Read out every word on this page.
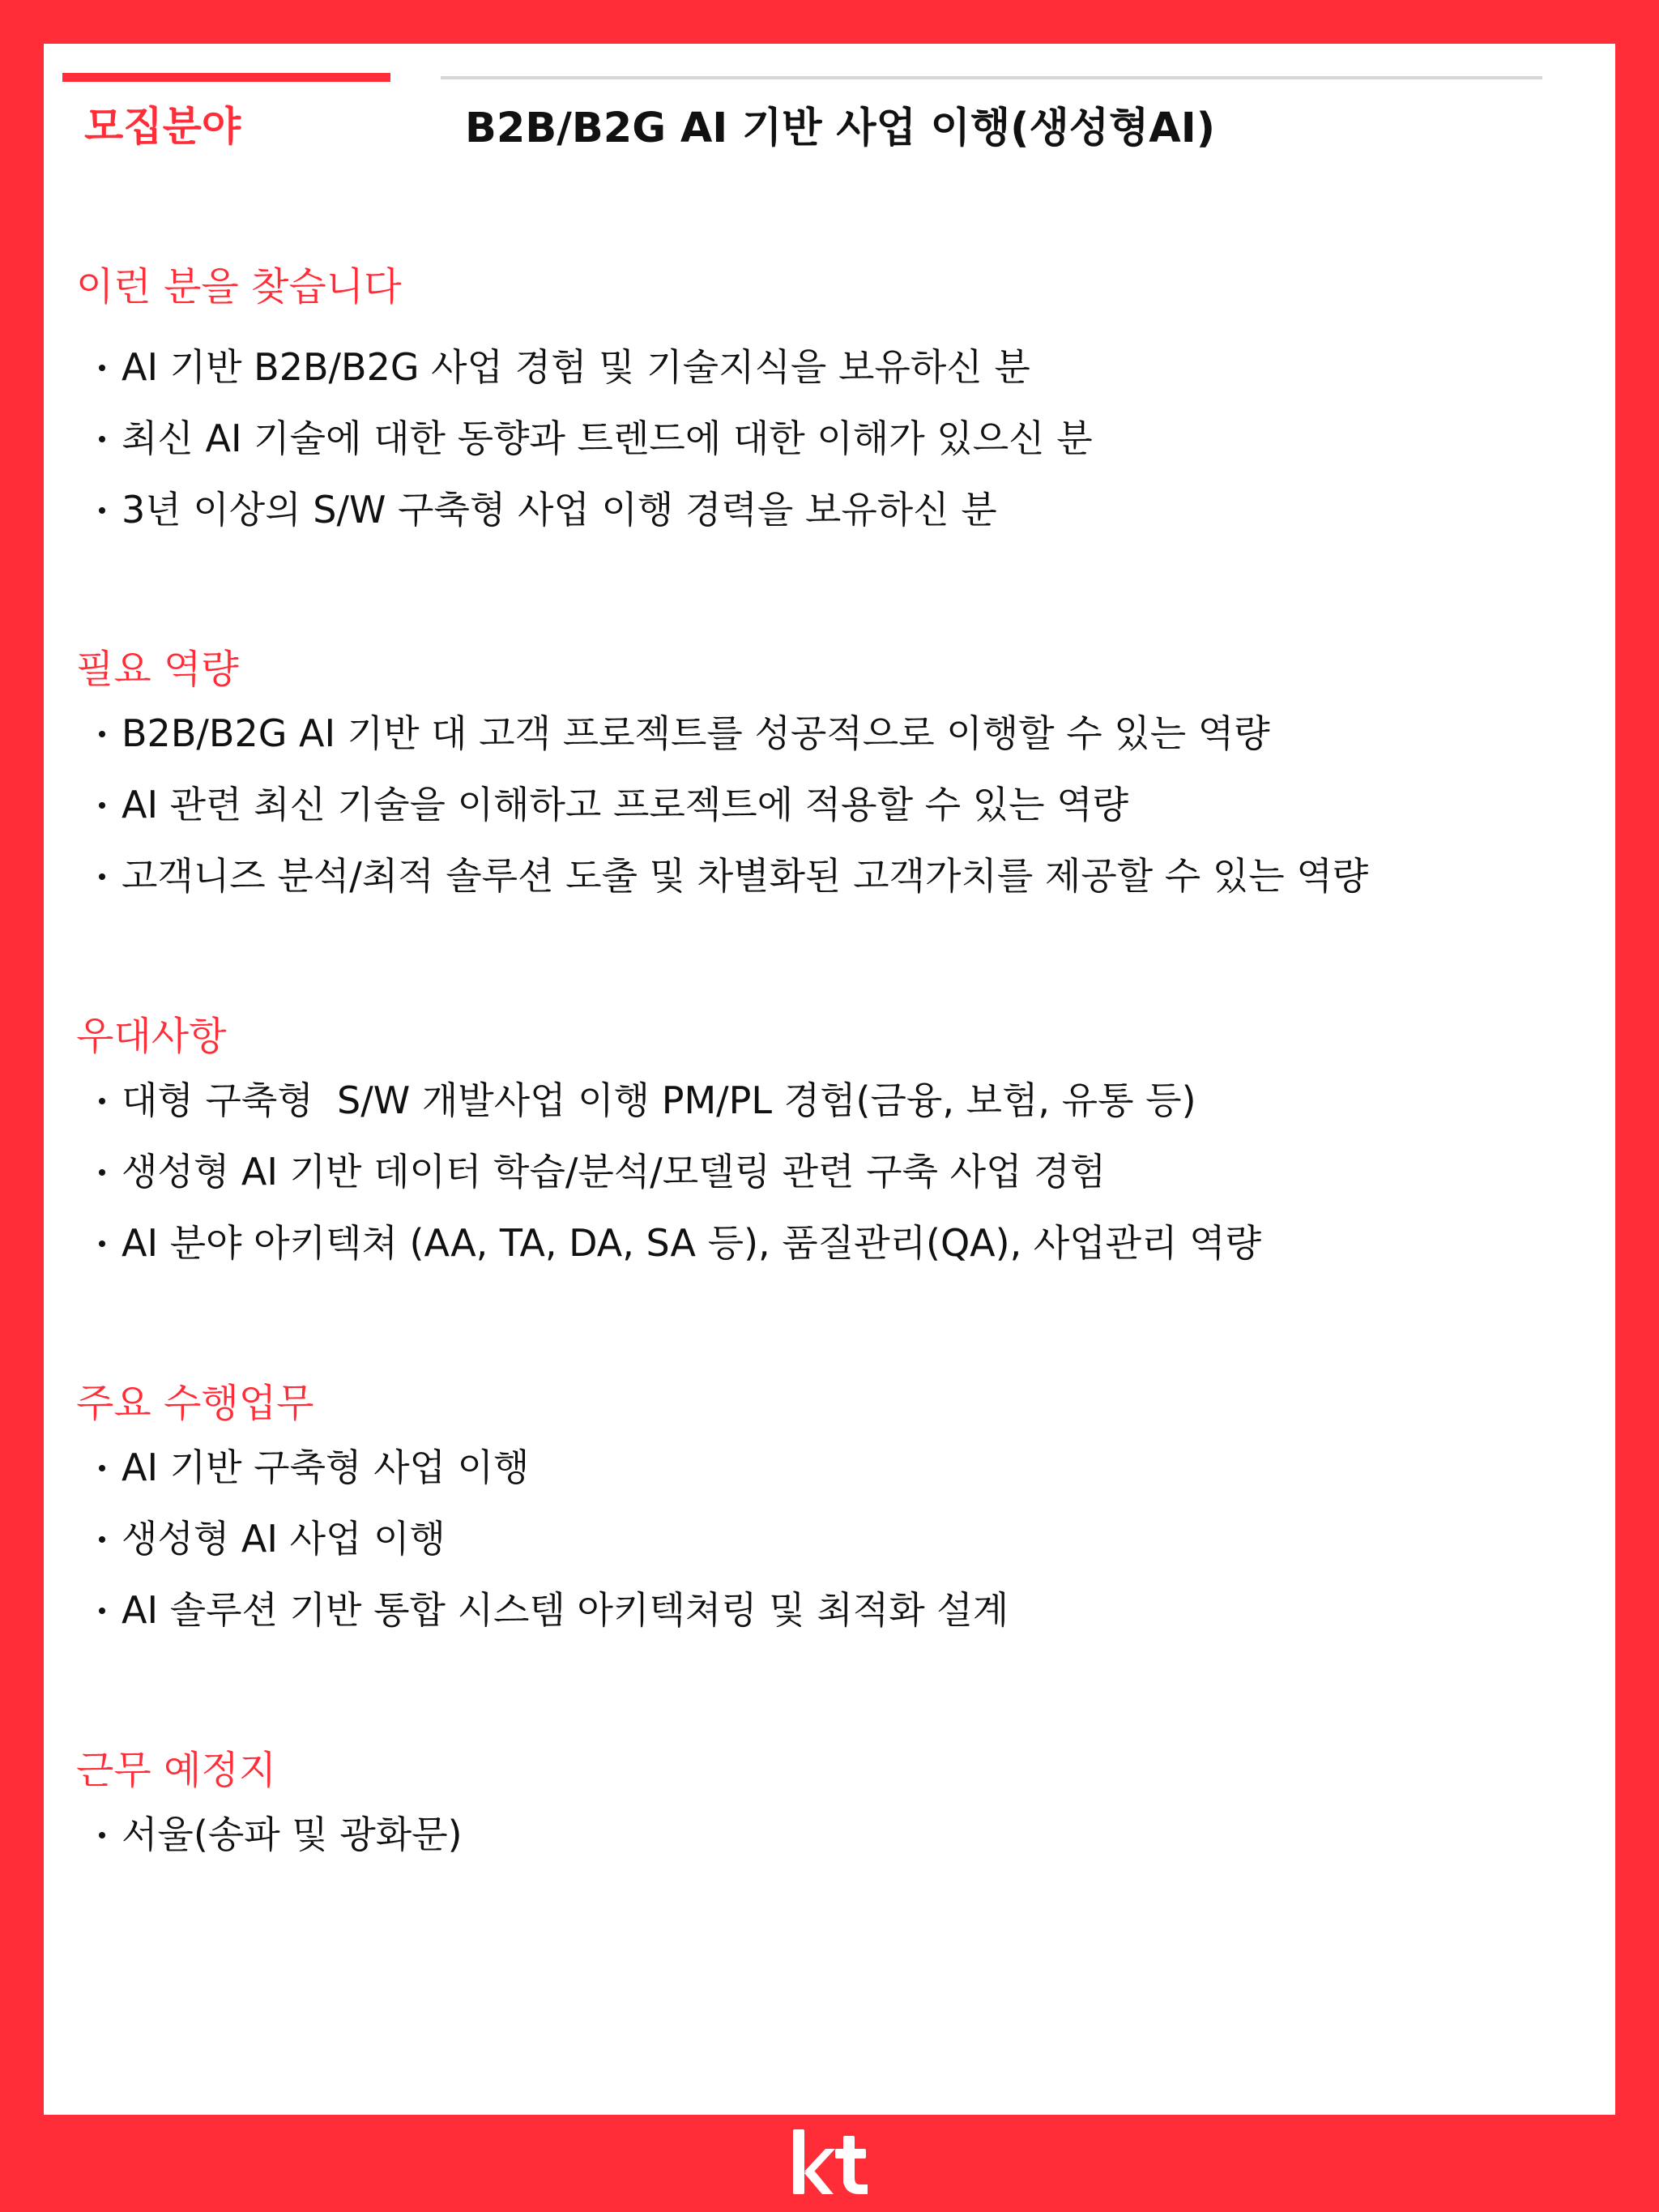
모집분야	B2B/B2G AI 기반 사업 이행(생성형AI)
이런 분을 찾습니다
AI 기반 B2B/B2G 사업 경험 및 기술지식을 보유하신 분
최신 AI 기술에 대한 동향과 트렌드에 대한 이해가 있으신 분
3년 이상의 S/W 구축형 사업 이행 경력을 보유하신 분
필요 역량
B2B/B2G AI 기반 대 고객 프로젝트를 성공적으로 이행할 수 있는 역량
AI 관련 최신 기술을 이해하고 프로젝트에 적용할 수 있는 역량
고객니즈 분석/최적 솔루션 도출 및 차별화된 고객가치를 제공할 수 있는 역량
우대사항
대형 구축형  S/W 개발사업 이행 PM/PL 경험(금융, 보험, 유통 등)
생성형 AI 기반 데이터 학습/분석/모델링 관련 구축 사업 경험
AI 분야 아키텍쳐 (AA, TA, DA, SA 등), 품질관리(QA), 사업관리 역량
주요 수행업무
AI 기반 구축형 사업 이행
생성형 AI 사업 이행
AI 솔루션 기반 통합 시스템 아키텍쳐링 및 최적화 설계
근무 예정지
서울(송파 및 광화문)
